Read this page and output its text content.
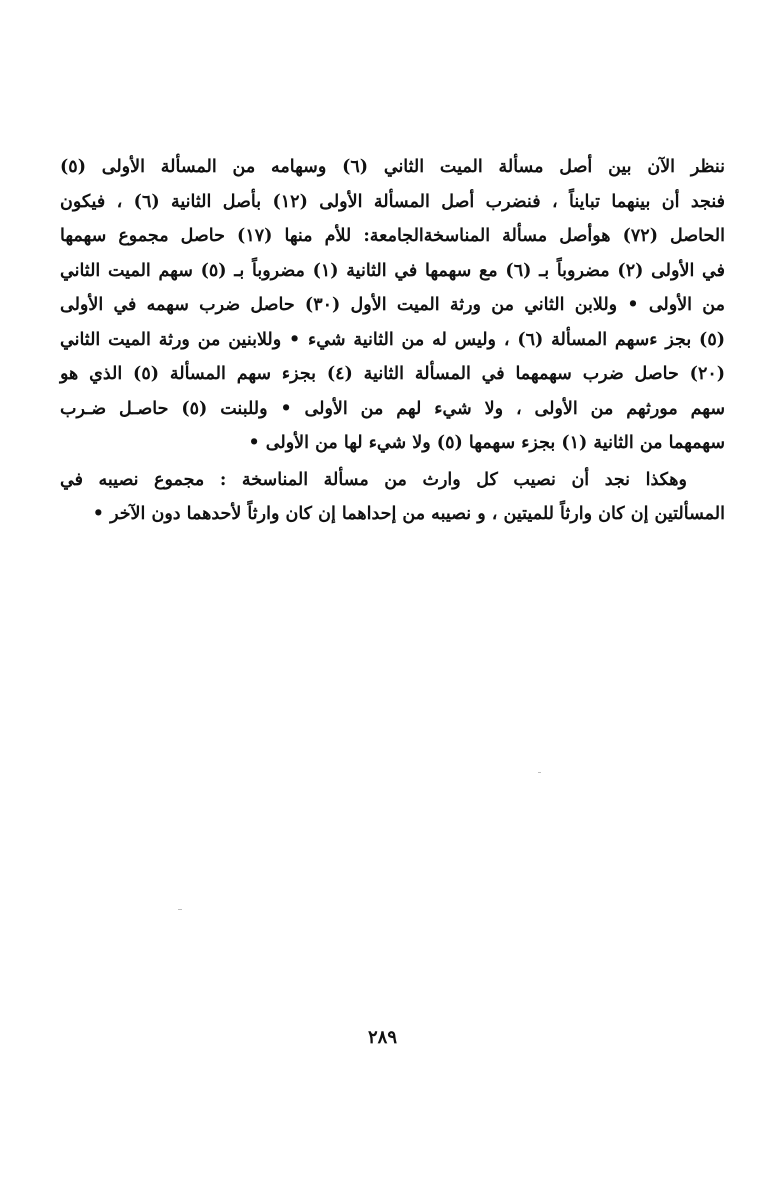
ننظر الآن بين أصل مسألة الميت الثاني (٦) وسهامه من المسألة الأولى (٥)
فنجد أن بينهما تبايناً ، فنضرب أصل المسألة الأولى (١٢) بأصل الثانية (٦) ، فيكون
الحاصل (٧٢) هوأصل مسألة المناسخةالجامعة: للأم منها (١٧) حاصل مجموع سهمها
في الأولى (٢) مضروباً بـ (٦) مع سهمها في الثانية (١) مضروباً بـ (٥) سهم الميت الثاني
من الأولى • وللابن الثاني من ورثة الميت الأول (٣٠) حاصل ضرب سهمه في الأولى
(٥) بجز ءسهم المسألة (٦) ، وليس له من الثانية شيء • وللابنين من ورثة الميت الثاني
(٢٠) حاصل ضرب سهمهما في المسألة الثانية (٤) بجزء سهم المسألة (٥) الذي هو
سهم مورثهم من الأولى ، ولا شيء لهم من الأولى • وللبنت (٥) حاصـل ضـرب
سهمهما من الثانية (١) بجزء سهمها (٥) ولا شيء لها من الأولى •

وهكذا نجد أن نصيب كل وارث من مسألة المناسخة : مجموع نصيبه في
المسألتين إن كان وارثاً للميتين ، و نصيبه من إحداهما إن كان وارثاً لأحدهما دون الآخر •

٢٨٩
